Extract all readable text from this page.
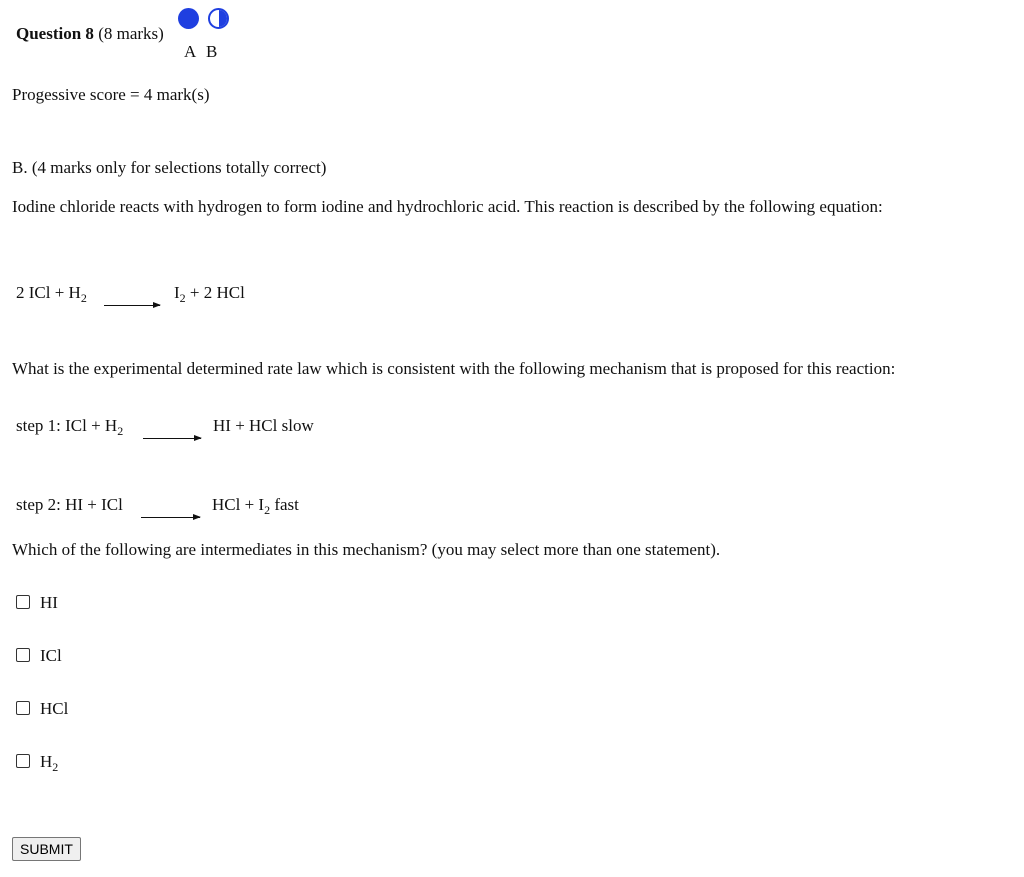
Question 8 (8 marks)
A B
Progessive score = 4 mark(s)
B. (4 marks only for selections totally correct)
Iodine chloride reacts with hydrogen to form iodine and hydrochloric acid. This reaction is described by the following equation:
2 ICl + $H_2$	$I_2 + 2$ HCl
What is the experimental determined rate law which is consistent with the following mechanism that is proposed for this reaction:
step 1: ICl + $H_2$	HI + HCl slow
step 2: HI + ICl	HCl + $I_2$ fast
Which of the following are intermediates in this mechanism? (you may select more than one statement).
HI
ICl
HCl
$H_2$
SUBMIT
